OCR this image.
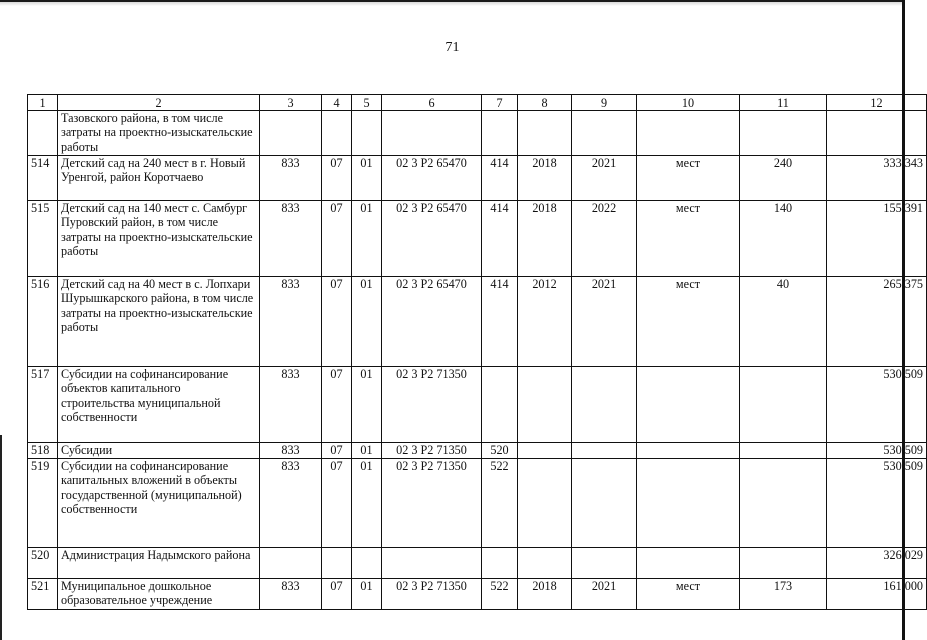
71
1	2	3	4	5	6	7	8	9	10	11	12
	Тазовского района, в том числе затраты на проектно-изыскательские работы										
514	Детский сад на 240 мест в г. Новый Уренгой, район Коротчаево	833	07	01	02 3 P2 65470	414	2018	2021	мест	240	333,343
515	Детский сад на 140 мест с. Самбург Пуровский район, в том числе затраты на проектно-изыскательские работы	833	07	01	02 3 P2 65470	414	2018	2022	мест	140	155,391
516	Детский сад на 40 мест в с. Лопхари Шурышкарского района, в том числе затраты на проектно-изыскательские работы	833	07	01	02 3 P2 65470	414	2012	2021	мест	40	265,375
517	Субсидии на софинансирование объектов капитального строительства муниципальной собственности	833	07	01	02 3 P2 71350						530,509
518	Субсидии	833	07	01	02 3 P2 71350	520					530,509
519	Субсидии на софинансирование капитальных вложений в объекты государственной (муниципальной) собственности	833	07	01	02 3 P2 71350	522					530,509
520	Администрация Надымского района										326,029
521	Муниципальное дошкольное образовательное учреждение	833	07	01	02 3 P2 71350	522	2018	2021	мест	173	161,000
